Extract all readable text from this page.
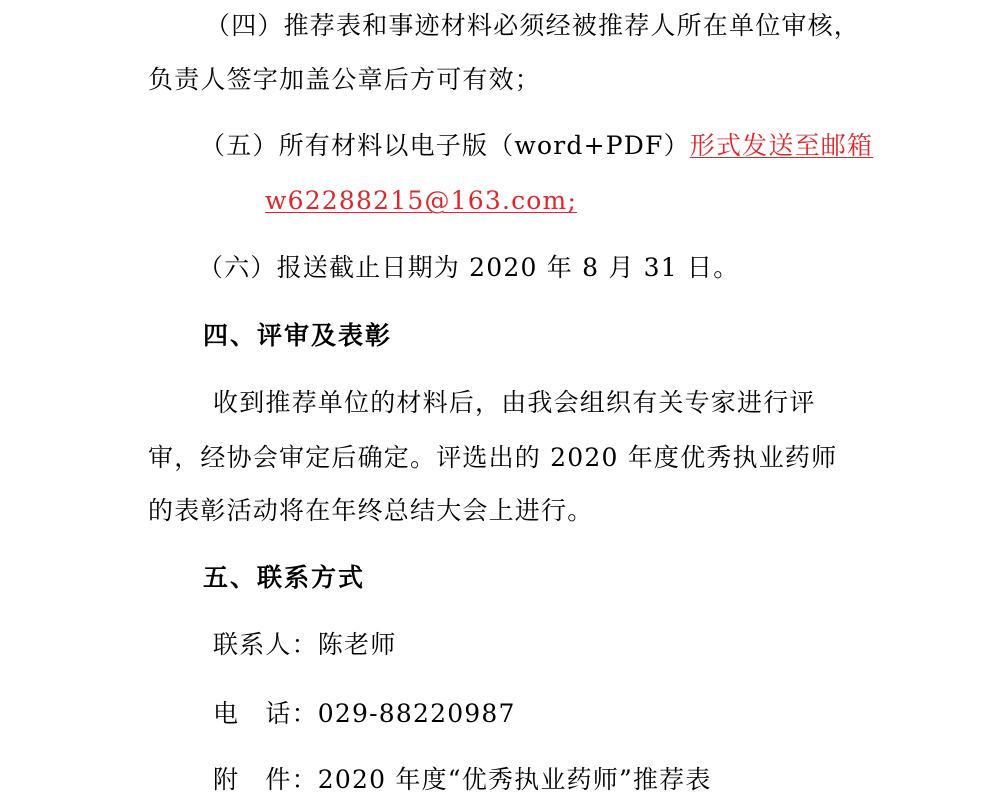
（四）推荐表和事迹材料必须经被推荐人所在单位审核，
负责人签字加盖公章后方可有效；
（五）所有材料以电子版（word+PDF）形式发送至邮箱
w62288215@163.com;
（六）报送截止日期为 2020 年 8 月 31 日。
四、评审及表彰
收到推荐单位的材料后，由我会组织有关专家进行评
审，经协会审定后确定。评选出的 2020 年度优秀执业药师
的表彰活动将在年终总结大会上进行。
五、联系方式
联系人：陈老师
电　话：029-88220987
附　件：2020 年度“优秀执业药师”推荐表
